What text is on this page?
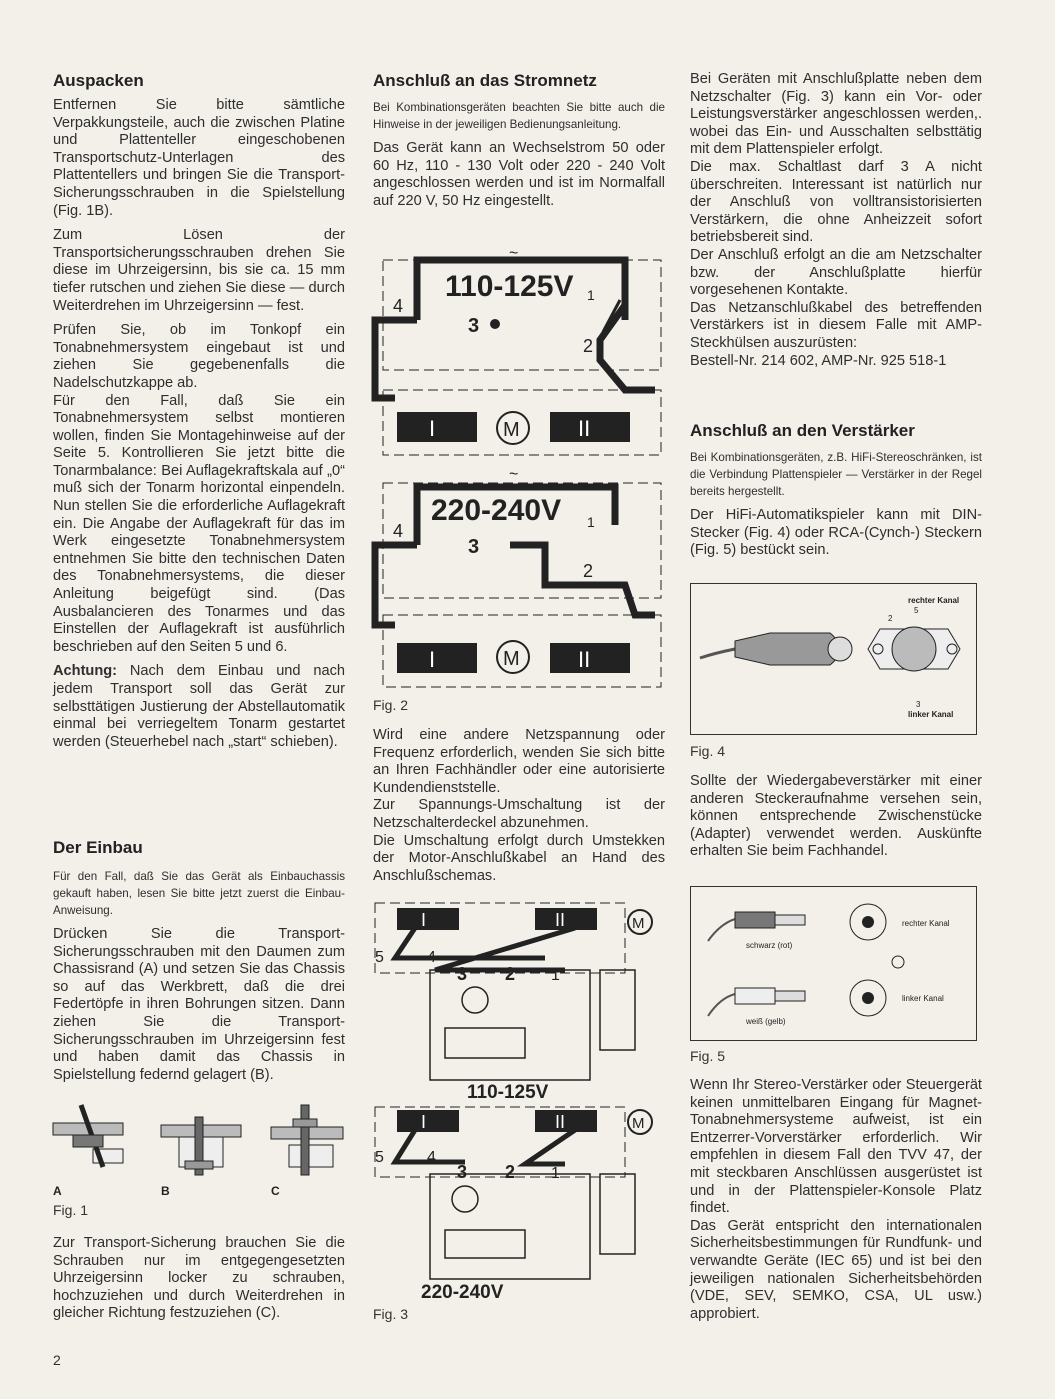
Auspacken

Entfernen Sie bitte sämtliche Verpakkungsteile, auch die zwischen Platine und Plattenteller eingeschobenen Transportschutz-Unterlagen des Plattentellers und bringen Sie die Transport-Sicherungsschrauben in die Spielstellung (Fig. 1B).

Zum Lösen der Transportsicherungsschrauben drehen Sie diese im Uhrzeigersinn, bis sie ca. 15 mm tiefer rutschen und ziehen Sie diese — durch Weiterdrehen im Uhrzeigersinn — fest.

Prüfen Sie, ob im Tonkopf ein Tonabnehmersystem eingebaut ist und ziehen Sie gegebenenfalls die Nadelschutzkappe ab.

Für den Fall, daß Sie ein Tonabnehmersystem selbst montieren wollen, finden Sie Montagehinweise auf der Seite 5. Kontrollieren Sie jetzt bitte die Tonarmbalance: Bei Auflagekraftskala auf „0“ muß sich der Tonarm horizontal einpendeln. Nun stellen Sie die erforderliche Auflagekraft ein. Die Angabe der Auflagekraft für das im Werk eingesetzte Tonabnehmersystem entnehmen Sie bitte den technischen Daten des Tonabnehmersystems, die dieser Anleitung beigefügt sind. (Das Ausbalancieren des Tonarmes und das Einstellen der Auflagekraft ist ausführlich beschrieben auf den Seiten 5 und 6.

Achtung: Nach dem Einbau und nach jedem Transport soll das Gerät zur selbsttätigen Justierung der Abstellautomatik einmal bei verriegeltem Tonarm gestartet werden (Steuerhebel nach „start“ schieben).

Der Einbau

Für den Fall, daß Sie das Gerät als Einbauchassis gekauft haben, lesen Sie bitte jetzt zuerst die Einbau-Anweisung.

Drücken Sie die Transport-Sicherungsschrauben mit den Daumen zum Chassisrand (A) und setzen Sie das Chassis so auf das Werkbrett, daß die drei Federtöpfe in ihren Bohrungen sitzen. Dann ziehen Sie die Transport-Sicherungsschrauben im Uhrzeigersinn fest und haben damit das Chassis in Spielstellung federnd gelagert (B).

A	B	C
Fig. 1

Zur Transport-Sicherung brauchen Sie die Schrauben nur im entgegengesetzten Uhrzeigersinn locker zu schrauben, hochzuziehen und durch Weiterdrehen in gleicher Richtung festzuziehen (C).

2
Anschluß an das Stromnetz

Bei Kombinationsgeräten beachten Sie bitte auch die Hinweise in der jeweiligen Bedienungsanleitung.

Das Gerät kann an Wechselstrom 50 oder 60 Hz, 110 - 130 Volt oder 220 - 240 Volt angeschlossen werden und ist im Normalfall auf 220 V, 50 Hz eingestellt.

~
110-125V 1
4
3
2
I	II
M
~
220-240V 1
4
3
2
I	II
M
Fig. 2

Wird eine andere Netzspannung oder Frequenz erforderlich, wenden Sie sich bitte an Ihren Fachhändler oder eine autorisierte Kundendienststelle.

Zur Spannungs-Umschaltung ist der Netzschalterdeckel abzunehmen.

Die Umschaltung erfolgt durch Umstekken der Motor-Anschlußkabel an Hand des Anschlußschemas.

I	II	M
5	4
3 2 1
110-125V
I	II	M
5	4
3 2 1
220-240V
Fig. 3

Bei Geräten mit Anschlußplatte neben dem Netzschalter (Fig. 3) kann ein Vor- oder Leistungsverstärker angeschlossen werden,. wobei das Ein- und Ausschalten selbsttätig mit dem Plattenspieler erfolgt.

Die max. Schaltlast darf 3 A nicht überschreiten. Interessant ist natürlich nur der Anschluß von volltransistorisierten Verstärkern, die ohne Anheizzeit sofort betriebsbereit sind.

Der Anschluß erfolgt an die am Netzschalter bzw. der Anschlußplatte hierfür vorgesehenen Kontakte.

Das Netzanschlußkabel des betreffenden Verstärkers ist in diesem Falle mit AMP-Steckhülsen auszurüsten:

Bestell-Nr. 214 602, AMP-Nr. 925 518-1

Anschluß an den Verstärker

Bei Kombinationsgeräten, z.B. HiFi-Stereoschränken, ist die Verbindung Plattenspieler — Verstärker in der Regel bereits hergestellt.

Der HiFi-Automatikspieler kann mit DIN-Stecker (Fig. 4) oder RCA-(Cynch-) Steckern (Fig. 5) bestückt sein.

rechter Kanal
2
5
3
linker Kanal
Fig. 4

Sollte der Wiedergabeverstärker mit einer anderen Steckeraufnahme versehen sein, können entsprechende Zwischenstücke (Adapter) verwendet werden. Auskünfte erhalten Sie beim Fachhandel.

schwarz (rot)
weiß (gelb)
rechter Kanal
linker Kanal
Fig. 5

Wenn Ihr Stereo-Verstärker oder Steuergerät keinen unmittelbaren Eingang für Magnet-Tonabnehmersysteme aufweist, ist ein Entzerrer-Vorverstärker erforderlich. Wir empfehlen in diesem Fall den TVV 47, der mit steckbaren Anschlüssen ausgerüstet ist und in der Plattenspieler-Konsole Platz findet.

Das Gerät entspricht den internationalen Sicherheitsbestimmungen für Rundfunk- und verwandte Geräte (IEC 65) und ist bei den jeweiligen nationalen Sicherheitsbehörden (VDE, SEV, SEMKO, CSA, UL usw.) approbiert.
